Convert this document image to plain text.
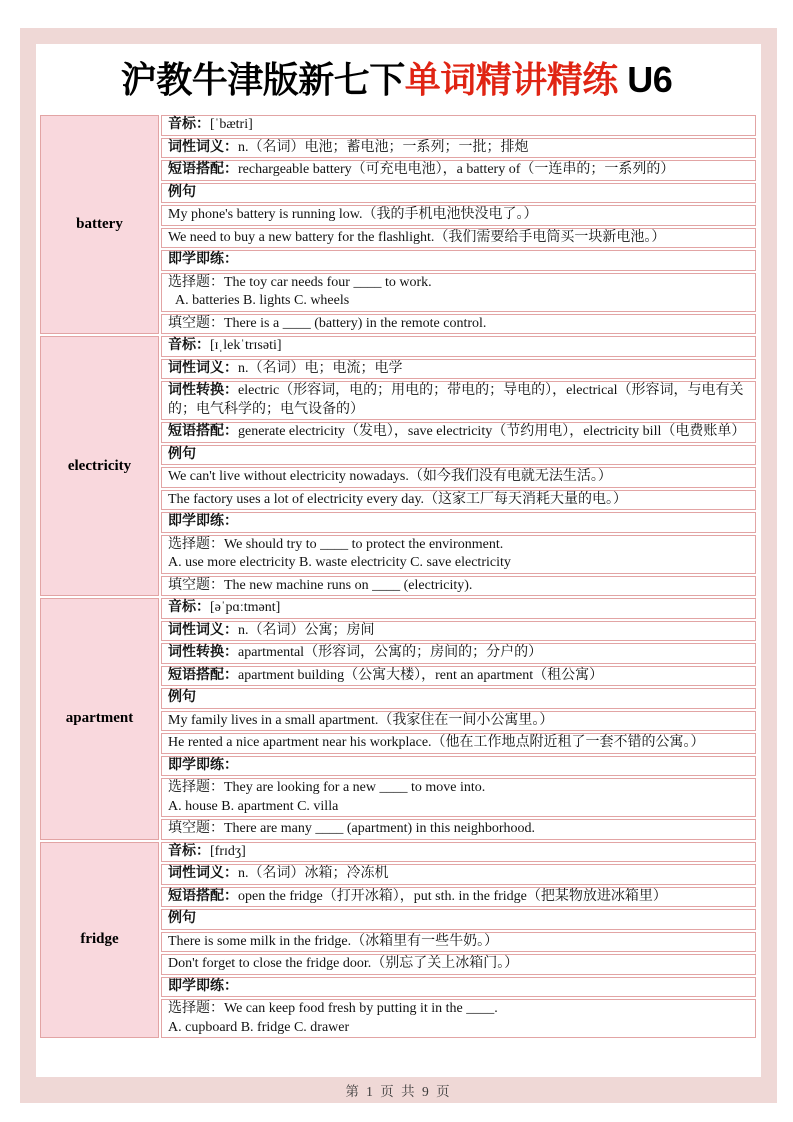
第 1 页 共 9 页
沪教牛津版新七下单词精讲精练 U6
battery
音标：[ˈbætri]
词性词义：n.（名词）电池；蓄电池；一系列；一批；排炮
短语搭配：rechargeable battery（可充电电池），a battery of（一连串的；一系列的）
例句
My phone's battery is running low.（我的手机电池快没电了。）
We need to buy a new battery for the flashlight.（我们需要给手电筒买一块新电池。）
即学即练：
选择题：The toy car needs four ____ to work.
A. batteries B. lights C. wheels
填空题：There is a ____ (battery) in the remote control.
electricity
音标：[ɪˌlekˈtrɪsəti]
词性词义：n.（名词）电；电流；电学
词性转换：electric（形容词，电的；用电的；带电的；导电的），electrical（形容词，与电有关的；电气科学的；电气设备的）
短语搭配：generate electricity（发电），save electricity（节约用电），electricity bill（电费账单）
例句
We can't live without electricity nowadays.（如今我们没有电就无法生活。）
The factory uses a lot of electricity every day.（这家工厂每天消耗大量的电。）
即学即练：
选择题：We should try to ____ to protect the environment.
A. use more electricity B. waste electricity C. save electricity
填空题：The new machine runs on ____ (electricity).
apartment
音标：[əˈpɑːtmənt]
词性词义：n.（名词）公寓；房间
词性转换：apartmental（形容词，公寓的；房间的；分户的）
短语搭配：apartment building（公寓大楼），rent an apartment（租公寓）
例句
My family lives in a small apartment.（我家住在一间小公寓里。）
He rented a nice apartment near his workplace.（他在工作地点附近租了一套不错的公寓。）
即学即练：
选择题：They are looking for a new ____ to move into.
A. house B. apartment C. villa
填空题：There are many ____ (apartment) in this neighborhood.
fridge
音标：[frɪdʒ]
词性词义：n.（名词）冰箱；冷冻机
短语搭配：open the fridge（打开冰箱），put sth. in the fridge（把某物放进冰箱里）
例句
There is some milk in the fridge.（冰箱里有一些牛奶。）
Don't forget to close the fridge door.（别忘了关上冰箱门。）
即学即练：
选择题：We can keep food fresh by putting it in the ____.
A. cupboard B. fridge C. drawer
